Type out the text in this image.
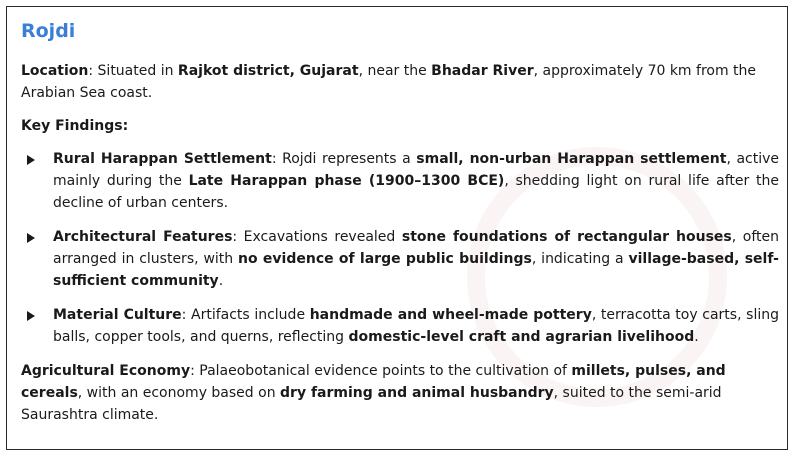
Rojdi

Location: Situated in Rajkot district, Gujarat, near the Bhadar River, approximately 70 km from the Arabian Sea coast.

Key Findings:

Rural Harappan Settlement: Rojdi represents a small, non-urban Harappan settlement, active mainly during the Late Harappan phase (1900–1300 BCE), shedding light on rural life after the decline of urban centers.

Architectural Features: Excavations revealed stone foundations of rectangular houses, often arranged in clusters, with no evidence of large public buildings, indicating a village-based, self-sufficient community.

Material Culture: Artifacts include handmade and wheel-made pottery, terracotta toy carts, sling balls, copper tools, and querns, reflecting domestic-level craft and agrarian livelihood.

Agricultural Economy: Palaeobotanical evidence points to the cultivation of millets, pulses, and cereals, with an economy based on dry farming and animal husbandry, suited to the semi-arid Saurashtra climate.
